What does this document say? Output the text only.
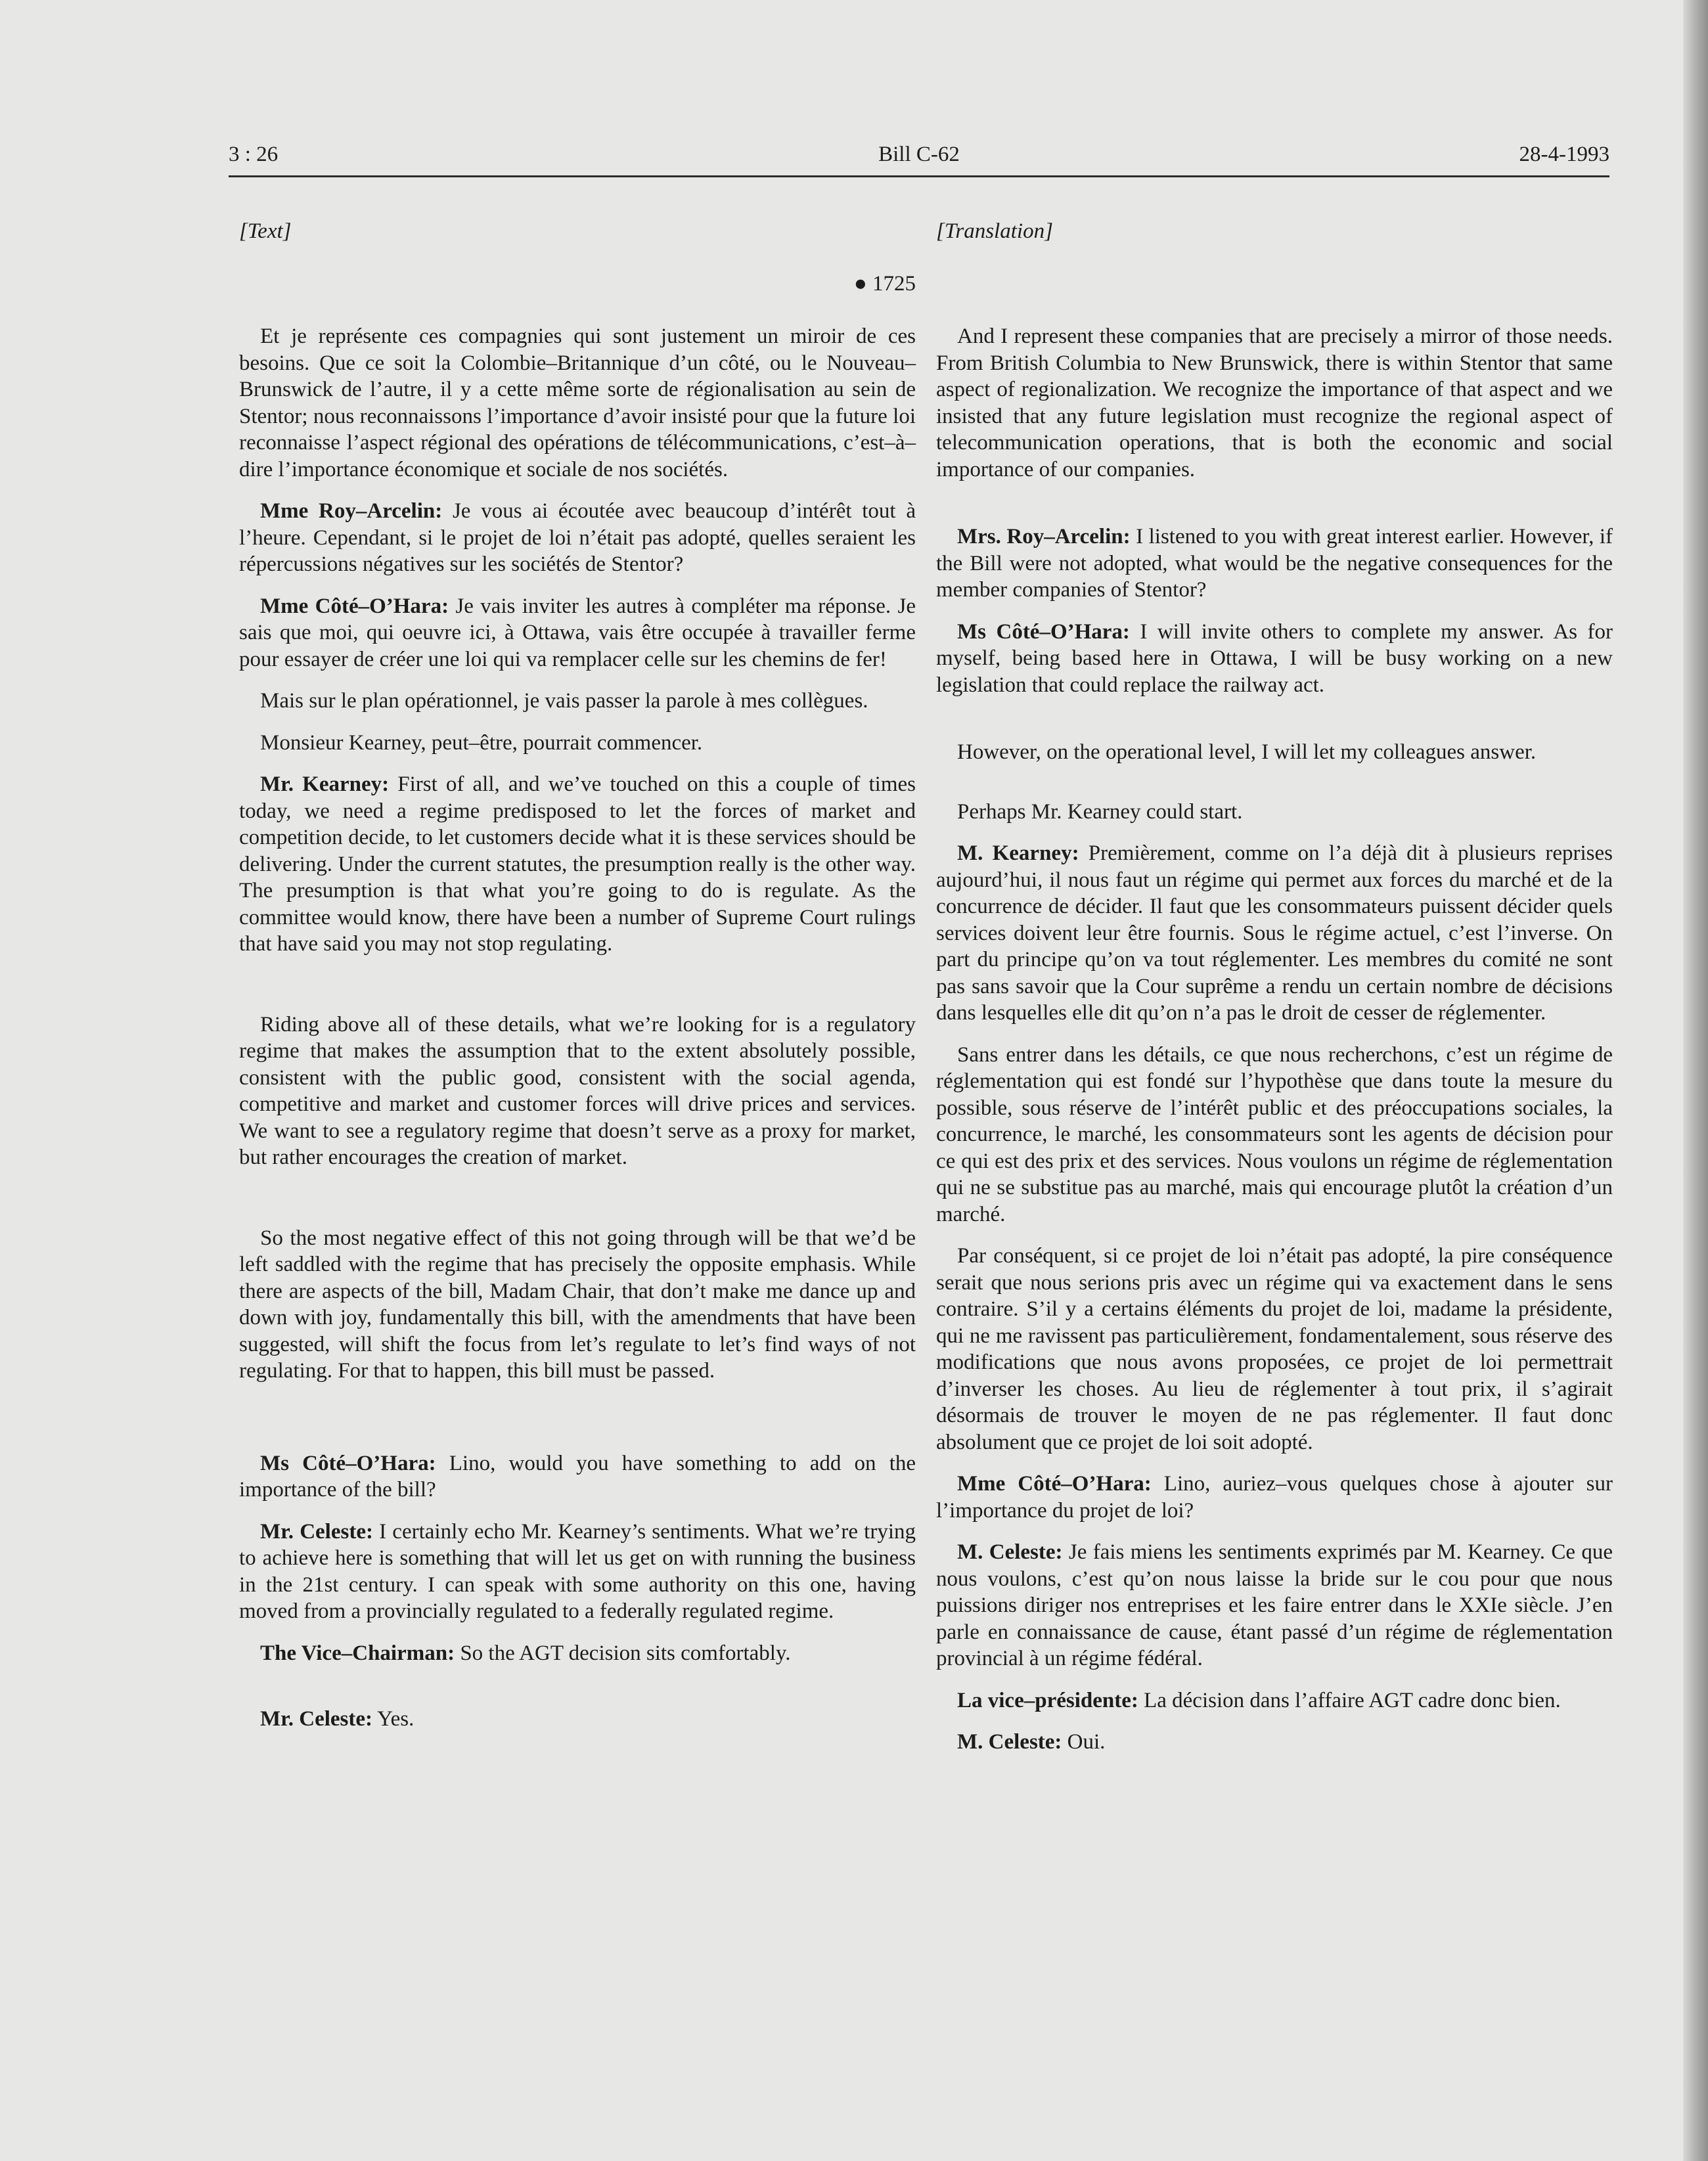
3 : 26	Bill C-62	28-4-1993
[Text]
● 1725

Et je représente ces compagnies qui sont justement un miroir de ces besoins. Que ce soit la Colombie–Britannique d’un côté, ou le Nouveau–Brunswick de l’autre, il y a cette même sorte de régionalisation au sein de Stentor; nous reconnaissons l’importance d’avoir insisté pour que la future loi reconnaisse l’aspect régional des opérations de télécommunications, c’est–à–dire l’importance économique et sociale de nos sociétés.

Mme Roy–Arcelin: Je vous ai écoutée avec beaucoup d’intérêt tout à l’heure. Cependant, si le projet de loi n’était pas adopté, quelles seraient les répercussions négatives sur les sociétés de Stentor?

Mme Côté–O’Hara: Je vais inviter les autres à compléter ma réponse. Je sais que moi, qui oeuvre ici, à Ottawa, vais être occupée à travailler ferme pour essayer de créer une loi qui va remplacer celle sur les chemins de fer!

Mais sur le plan opérationnel, je vais passer la parole à mes collègues.

Monsieur Kearney, peut–être, pourrait commencer.

Mr. Kearney: First of all, and we’ve touched on this a couple of times today, we need a regime predisposed to let the forces of market and competition decide, to let customers decide what it is these services should be delivering. Under the current statutes, the presumption really is the other way. The presumption is that what you’re going to do is regulate. As the committee would know, there have been a number of Supreme Court rulings that have said you may not stop regulating.

Riding above all of these details, what we’re looking for is a regulatory regime that makes the assumption that to the extent absolutely possible, consistent with the public good, consistent with the social agenda, competitive and market and customer forces will drive prices and services. We want to see a regulatory regime that doesn’t serve as a proxy for market, but rather encourages the creation of market.

So the most negative effect of this not going through will be that we’d be left saddled with the regime that has precisely the opposite emphasis. While there are aspects of the bill, Madam Chair, that don’t make me dance up and down with joy, fundamentally this bill, with the amendments that have been suggested, will shift the focus from let’s regulate to let’s find ways of not regulating. For that to happen, this bill must be passed.

Ms Côté–O’Hara: Lino, would you have something to add on the importance of the bill?

Mr. Celeste: I certainly echo Mr. Kearney’s sentiments. What we’re trying to achieve here is something that will let us get on with running the business in the 21st century. I can speak with some authority on this one, having moved from a provincially regulated to a federally regulated regime.

The Vice–Chairman: So the AGT decision sits comfortably.

Mr. Celeste: Yes.

[Translation]

And I represent these companies that are precisely a mirror of those needs. From British Columbia to New Brunswick, there is within Stentor that same aspect of regionalization. We recognize the importance of that aspect and we insisted that any future legislation must recognize the regional aspect of telecommunication operations, that is both the economic and social importance of our companies.

Mrs. Roy–Arcelin: I listened to you with great interest earlier. However, if the Bill were not adopted, what would be the negative consequences for the member companies of Stentor?

Ms Côté–O’Hara: I will invite others to complete my answer. As for myself, being based here in Ottawa, I will be busy working on a new legislation that could replace the railway act.

However, on the operational level, I will let my colleagues answer.

Perhaps Mr. Kearney could start.

M. Kearney: Premièrement, comme on l’a déjà dit à plusieurs reprises aujourd’hui, il nous faut un régime qui permet aux forces du marché et de la concurrence de décider. Il faut que les consommateurs puissent décider quels services doivent leur être fournis. Sous le régime actuel, c’est l’inverse. On part du principe qu’on va tout réglementer. Les membres du comité ne sont pas sans savoir que la Cour suprême a rendu un certain nombre de décisions dans lesquelles elle dit qu’on n’a pas le droit de cesser de réglementer.

Sans entrer dans les détails, ce que nous recherchons, c’est un régime de réglementation qui est fondé sur l’hypothèse que dans toute la mesure du possible, sous réserve de l’intérêt public et des préoccupations sociales, la concurrence, le marché, les consommateurs sont les agents de décision pour ce qui est des prix et des services. Nous voulons un régime de réglementation qui ne se substitue pas au marché, mais qui encourage plutôt la création d’un marché.

Par conséquent, si ce projet de loi n’était pas adopté, la pire conséquence serait que nous serions pris avec un régime qui va exactement dans le sens contraire. S’il y a certains éléments du projet de loi, madame la présidente, qui ne me ravissent pas particulièrement, fondamentalement, sous réserve des modifications que nous avons proposées, ce projet de loi permettrait d’inverser les choses. Au lieu de réglementer à tout prix, il s’agirait désormais de trouver le moyen de ne pas réglementer. Il faut donc absolument que ce projet de loi soit adopté.

Mme Côté–O’Hara: Lino, auriez–vous quelques chose à ajouter sur l’importance du projet de loi?

M. Celeste: Je fais miens les sentiments exprimés par M. Kearney. Ce que nous voulons, c’est qu’on nous laisse la bride sur le cou pour que nous puissions diriger nos entreprises et les faire entrer dans le XXIe siècle. J’en parle en connaissance de cause, étant passé d’un régime de réglementation provincial à un régime fédéral.

La vice–présidente: La décision dans l’affaire AGT cadre donc bien.

M. Celeste: Oui.
